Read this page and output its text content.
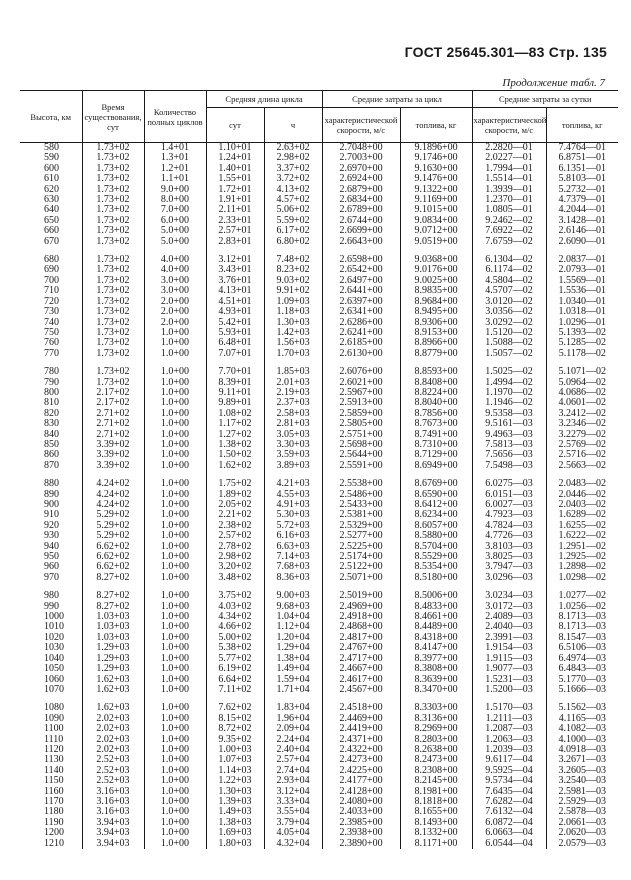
ГОСТ 25645.301—83 Стр. 135
Продолжение табл. 7
Высота, км	Время существования, сут	Количество полных циклов	Средняя длина цикла		Средние затраты за цикл		Средние затраты за сутки	
			сут	ч	характеристической скорости, м/с	топлива, кг	характеристической скорости, м/с	топлива, кг
580	1.73+02	1.4+01	1.10+01	2.63+02	2.7048+00	9.1896+00	2.2820—01	7.4764—01
590	1.73+02	1.3+01	1.24+01	2.98+02	2.7003+00	9.1746+00	2.0227—01	6.8751—01
600	1.73+02	1.2+01	1.40+01	3.37+02	2.6970+00	9.1630+00	1.7994—01	6.1351—01
610	1.73+02	1.1+01	1.55+01	3.72+02	2.6924+00	9.1476+00	1.5514—01	5.8103—01
620	1.73+02	9.0+00	1.72+01	4.13+02	2.6879+00	9.1322+00	1.3939—01	5.2732—01
630	1.73+02	8.0+00	1.91+01	4.57+02	2.6834+00	9.1169+00	1.2370—01	4.7379—01
640	1.73+02	7.0+00	2.11+01	5.06+02	2.6789+00	9.1015+00	1.0805—01	4.2044—01
650	1.73+02	6.0+00	2.33+01	5.59+02	2.6744+00	9.0834+00	9.2462—02	3.1428—01
660	1.73+02	5.0+00	2.57+01	6.17+02	2.6699+00	9.0712+00	7.6922—02	2.6146—01
670	1.73+02	5.0+00	2.83+01	6.80+02	2.6643+00	9.0519+00	7.6759—02	2.6090—01

680	1.73+02	4.0+00	3.12+01	7.48+02	2.6598+00	9.0368+00	6.1304—02	2.0837—01
690	1.73+02	4.0+00	3.43+01	8.23+02	2.6542+00	9.0176+00	6.1174—02	2.0793—01
700	1.73+02	3.0+00	3.76+01	9.03+02	2.6497+00	9.0025+00	4.5804—02	1.5569—01
710	1.73+02	3.0+00	4.13+01	9.91+02	2.6441+00	8.9835+00	4.5707—02	1.5536—01
720	1.73+02	2.0+00	4.51+01	1.09+03	2.6397+00	8.9684+00	3.0120—02	1.0340—01
730	1.73+02	2.0+00	4.93+01	1.18+03	2.6341+00	8.9495+00	3.0356—02	1.0318—01
740	1.73+02	2.0+00	5.42+01	1.30+03	2.6286+00	8.9306+00	3.0292—02	1.0296—01
750	1.73+02	1.0+00	5.93+01	1.42+03	2.6241+00	8.9153+00	1.5120—02	5.1393—02
760	1.73+02	1.0+00	6.48+01	1.56+03	2.6185+00	8.8966+00	1.5088—02	5.1285—02
770	1.73+02	1.0+00	7.07+01	1.70+03	2.6130+00	8.8779+00	1.5057—02	5.1178—02

780	1.73+02	1.0+00	7.70+01	1.85+03	2.6076+00	8.8593+00	1.5025—02	5.1071—02
790	1.73+02	1.0+00	8.39+01	2.01+03	2.6021+00	8.8408+00	1.4994—02	5.0964—02
800	2.17+02	1.0+00	9.11+01	2.19+03	2.5967+00	8.8224+00	1.1970—02	4.0686—02
810	2.17+02	1.0+00	9.89+01	2.37+03	2.5913+00	8.8040+00	1.1946—02	4.0601—02
820	2.71+02	1.0+00	1.08+02	2.58+03	2.5859+00	8.7856+00	9.5358—03	3.2412—02
830	2.71+02	1.0+00	1.17+02	2.81+03	2.5805+00	8.7673+00	9.5161—03	3.2346—02
840	2.71+02	1.0+00	1.27+02	3.05+03	2.5751+00	8.7491+00	9.4963—03	3.2279—02
850	3.39+02	1.0+00	1.38+02	3.30+03	2.5698+00	8.7310+00	7.5813—03	2.5769—02
860	3.39+02	1.0+00	1.50+02	3.59+03	2.5644+00	8.7129+00	7.5656—03	2.5716—02
870	3.39+02	1.0+00	1.62+02	3.89+03	2.5591+00	8.6949+00	7.5498—03	2.5663—02

880	4.24+02	1.0+00	1.75+02	4.21+03	2.5538+00	8.6769+00	6.0275—03	2.0483—02
890	4.24+02	1.0+00	1.89+02	4.55+03	2.5486+00	8.6590+00	6.0151—03	2.0446—02
900	4.24+02	1.0+00	2.05+02	4.91+03	2.5433+00	8.6412+00	6.0027—03	2.0403—02
910	5.29+02	1.0+00	2.21+02	5.30+03	2.5381+00	8.6234+00	4.7923—03	1.6289—02
920	5.29+02	1.0+00	2.38+02	5.72+03	2.5329+00	8.6057+00	4.7824—03	1.6255—02
930	5.29+02	1.0+00	2.57+02	6.16+03	2.5277+00	8.5880+00	4.7726—03	1.6222—02
940	6.62+02	1.0+00	2.78+02	6.63+03	2.5225+00	8.5704+00	3.8103—03	1.2951—02
950	6.62+02	1.0+00	2.98+02	7.14+03	2.5174+00	8.5529+00	3.8025—03	1.2925—02
960	6.62+02	1.0+00	3.20+02	7.68+03	2.5122+00	8.5354+00	3.7947—03	1.2898—02
970	8.27+02	1.0+00	3.48+02	8.36+03	2.5071+00	8.5180+00	3.0296—03	1.0298—02

980	8.27+02	1.0+00	3.75+02	9.00+03	2.5019+00	8.5006+00	3.0234—03	1.0277—02
990	8.27+02	1.0+00	4.03+02	9.68+03	2.4969+00	8.4833+00	3.0172—03	1.0256—02
1000	1.03+03	1.0+00	4.34+02	1.04+04	2.4918+00	8.4661+00	2.4089—03	8.1713—03
1010	1.03+03	1.0+00	4.66+02	1.12+04	2.4868+00	8.4489+00	2.4040—03	8.1713—03
1020	1.03+03	1.0+00	5.00+02	1.20+04	2.4817+00	8.4318+00	2.3991—03	8.1547—03
1030	1.29+03	1.0+00	5.38+02	1.29+04	2.4767+00	8.4147+00	1.9154—03	6.5106—03
1040	1.29+03	1.0+00	5.77+02	1.38+04	2.4717+00	8.3977+00	1.9115—03	6.4974—03
1050	1.29+03	1.0+00	6.19+02	1.49+04	2.4667+00	8.3808+00	1.9077—03	6.4843—03
1060	1.62+03	1.0+00	6.64+02	1.59+04	2.4617+00	8.3639+00	1.5231—03	5.1770—03
1070	1.62+03	1.0+00	7.11+02	1.71+04	2.4567+00	8.3470+00	1.5200—03	5.1666—03

1080	1.62+03	1.0+00	7.62+02	1.83+04	2.4518+00	8.3303+00	1.5170—03	5.1562—03
1090	2.02+03	1.0+00	8.15+02	1.96+04	2.4469+00	8.3136+00	1.2111—03	4.1165—03
1100	2.02+03	1.0+00	8.72+02	2.09+04	2.4419+00	8.2969+00	1.2087—03	4.1082—03
1110	2.02+03	1.0+00	9.35+02	2.24+04	2.4371+00	8.2803+00	1.2063—03	4.1000—03
1120	2.02+03	1.0+00	1.00+03	2.40+04	2.4322+00	8.2638+00	1.2039—03	4.0918—03
1130	2.52+03	1.0+00	1.07+03	2.57+04	2.4273+00	8.2473+00	9.6117—04	3.2671—03
1140	2.52+03	1.0+00	1.14+03	2.74+04	2.4225+00	8.2308+00	9.5925—04	3.2605—03
1150	2.52+03	1.0+00	1.22+03	2.93+04	2.4177+00	8.2145+00	9.5734—04	3.2540—03
1160	3.16+03	1.0+00	1.30+03	3.12+04	2.4128+00	8.1981+00	7.6435—04	2.5981—03
1170	3.16+03	1.0+00	1.39+03	3.33+04	2.4080+00	8.1818+00	7.6282—04	2.5929—03
1180	3.16+03	1.0+00	1.49+03	3.55+04	2.4033+00	8.1655+00	7.6132—04	2.5878—03
1190	3.94+03	1.0+00	1.38+03	3.79+04	2.3985+00	8.1493+00	6.0872—04	2.0661—03
1200	3.94+03	1.0+00	1.69+03	4.05+04	2.3938+00	8.1332+00	6.0663—04	2.0620—03
1210	3.94+03	1.0+00	1.80+03	4.32+04	2.3890+00	8.1171+00	6.0544—04	2.0579—03
